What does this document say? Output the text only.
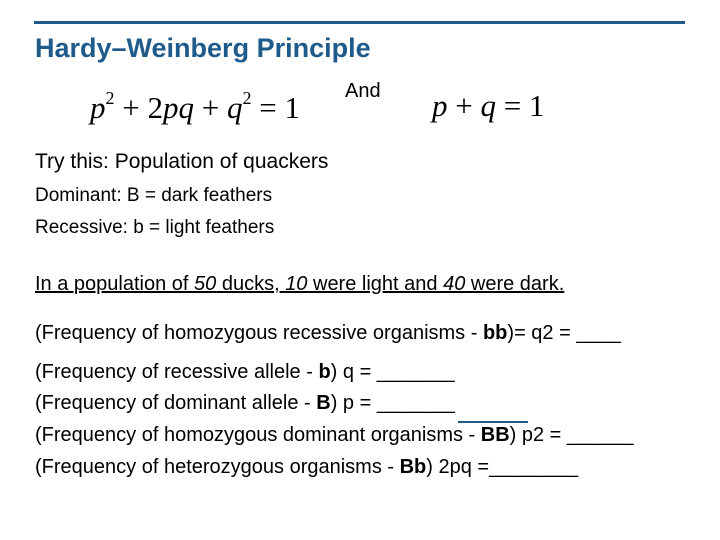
Hardy–Weinberg Principle
$p^2 + 2pq + q^2 = 1$ And p + q = 1
Try this: Population of quackers
Dominant: B = dark feathers
Recessive: b = light feathers
In a population of 50 ducks, 10 were light and 40 were dark.
(Frequency of homozygous recessive organisms - bb)= q2 = ____
(Frequency of recessive allele - b) q = _______
(Frequency of dominant allele - B) p = _______
(Frequency of homozygous dominant organisms - BB) p2 = ______
(Frequency of heterozygous organisms - Bb) 2pq =________
